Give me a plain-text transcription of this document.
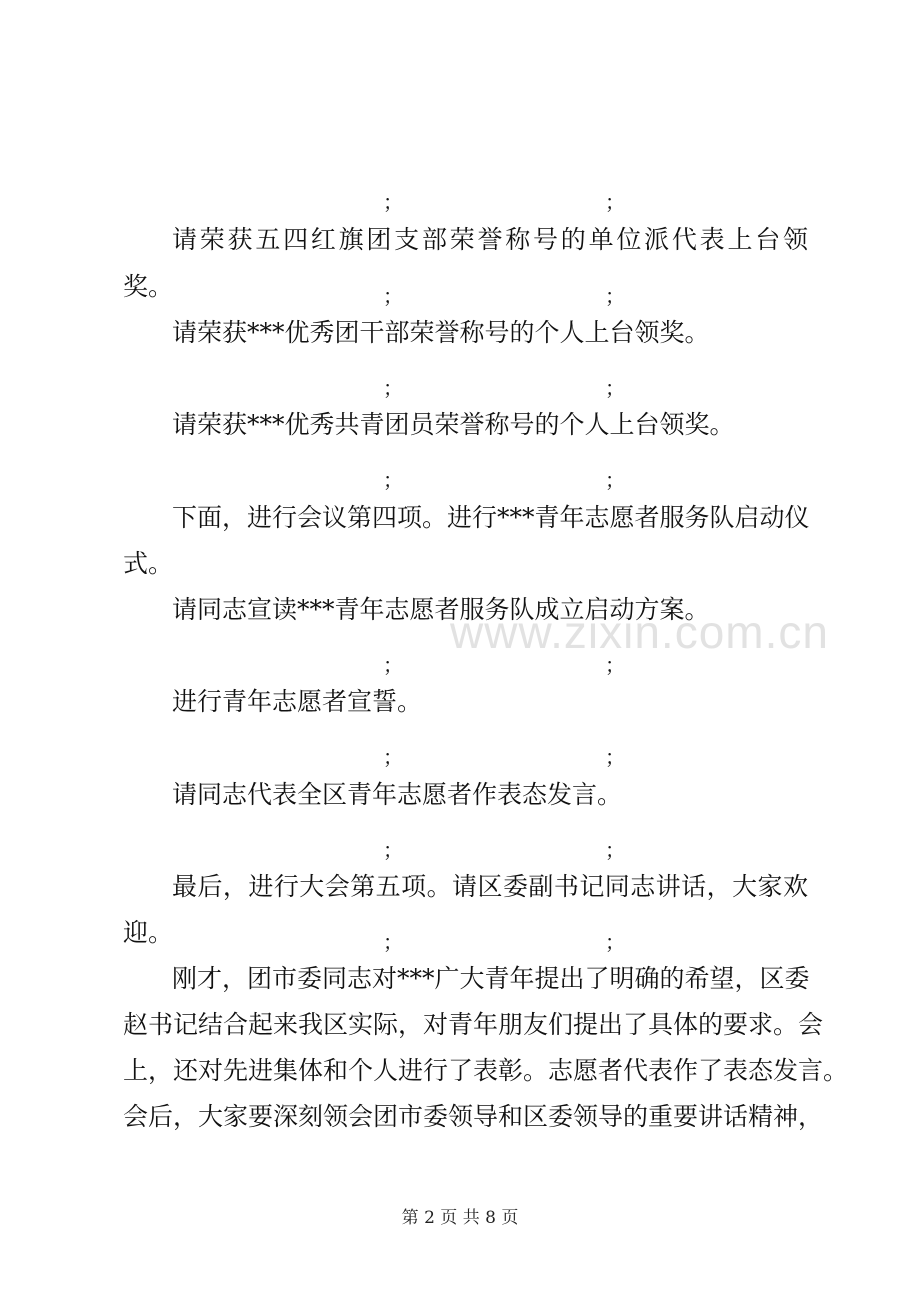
；	；
请荣获五四红旗团支部荣誉称号的单位派代表上台领
奖。	；	；
请荣获***优秀团干部荣誉称号的个人上台领奖。
；	；
请荣获***优秀共青团员荣誉称号的个人上台领奖。
；	；
下面，进行会议第四项。进行***青年志愿者服务队启动仪
式。
请同志宣读***青年志愿者服务队成立启动方案。
；	；
进行青年志愿者宣誓。
；	；
请同志代表全区青年志愿者作表态发言。
；	；
最后，进行大会第五项。请区委副书记同志讲话，大家欢
迎。	；	；
刚才，团市委同志对***广大青年提出了明确的希望，区委
赵书记结合起来我区实际，对青年朋友们提出了具体的要求。会
上，还对先进集体和个人进行了表彰。志愿者代表作了表态发言。
会后，大家要深刻领会团市委领导和区委领导的重要讲话精神，
www.zixin.com.cn
第 2 页 共 8 页
